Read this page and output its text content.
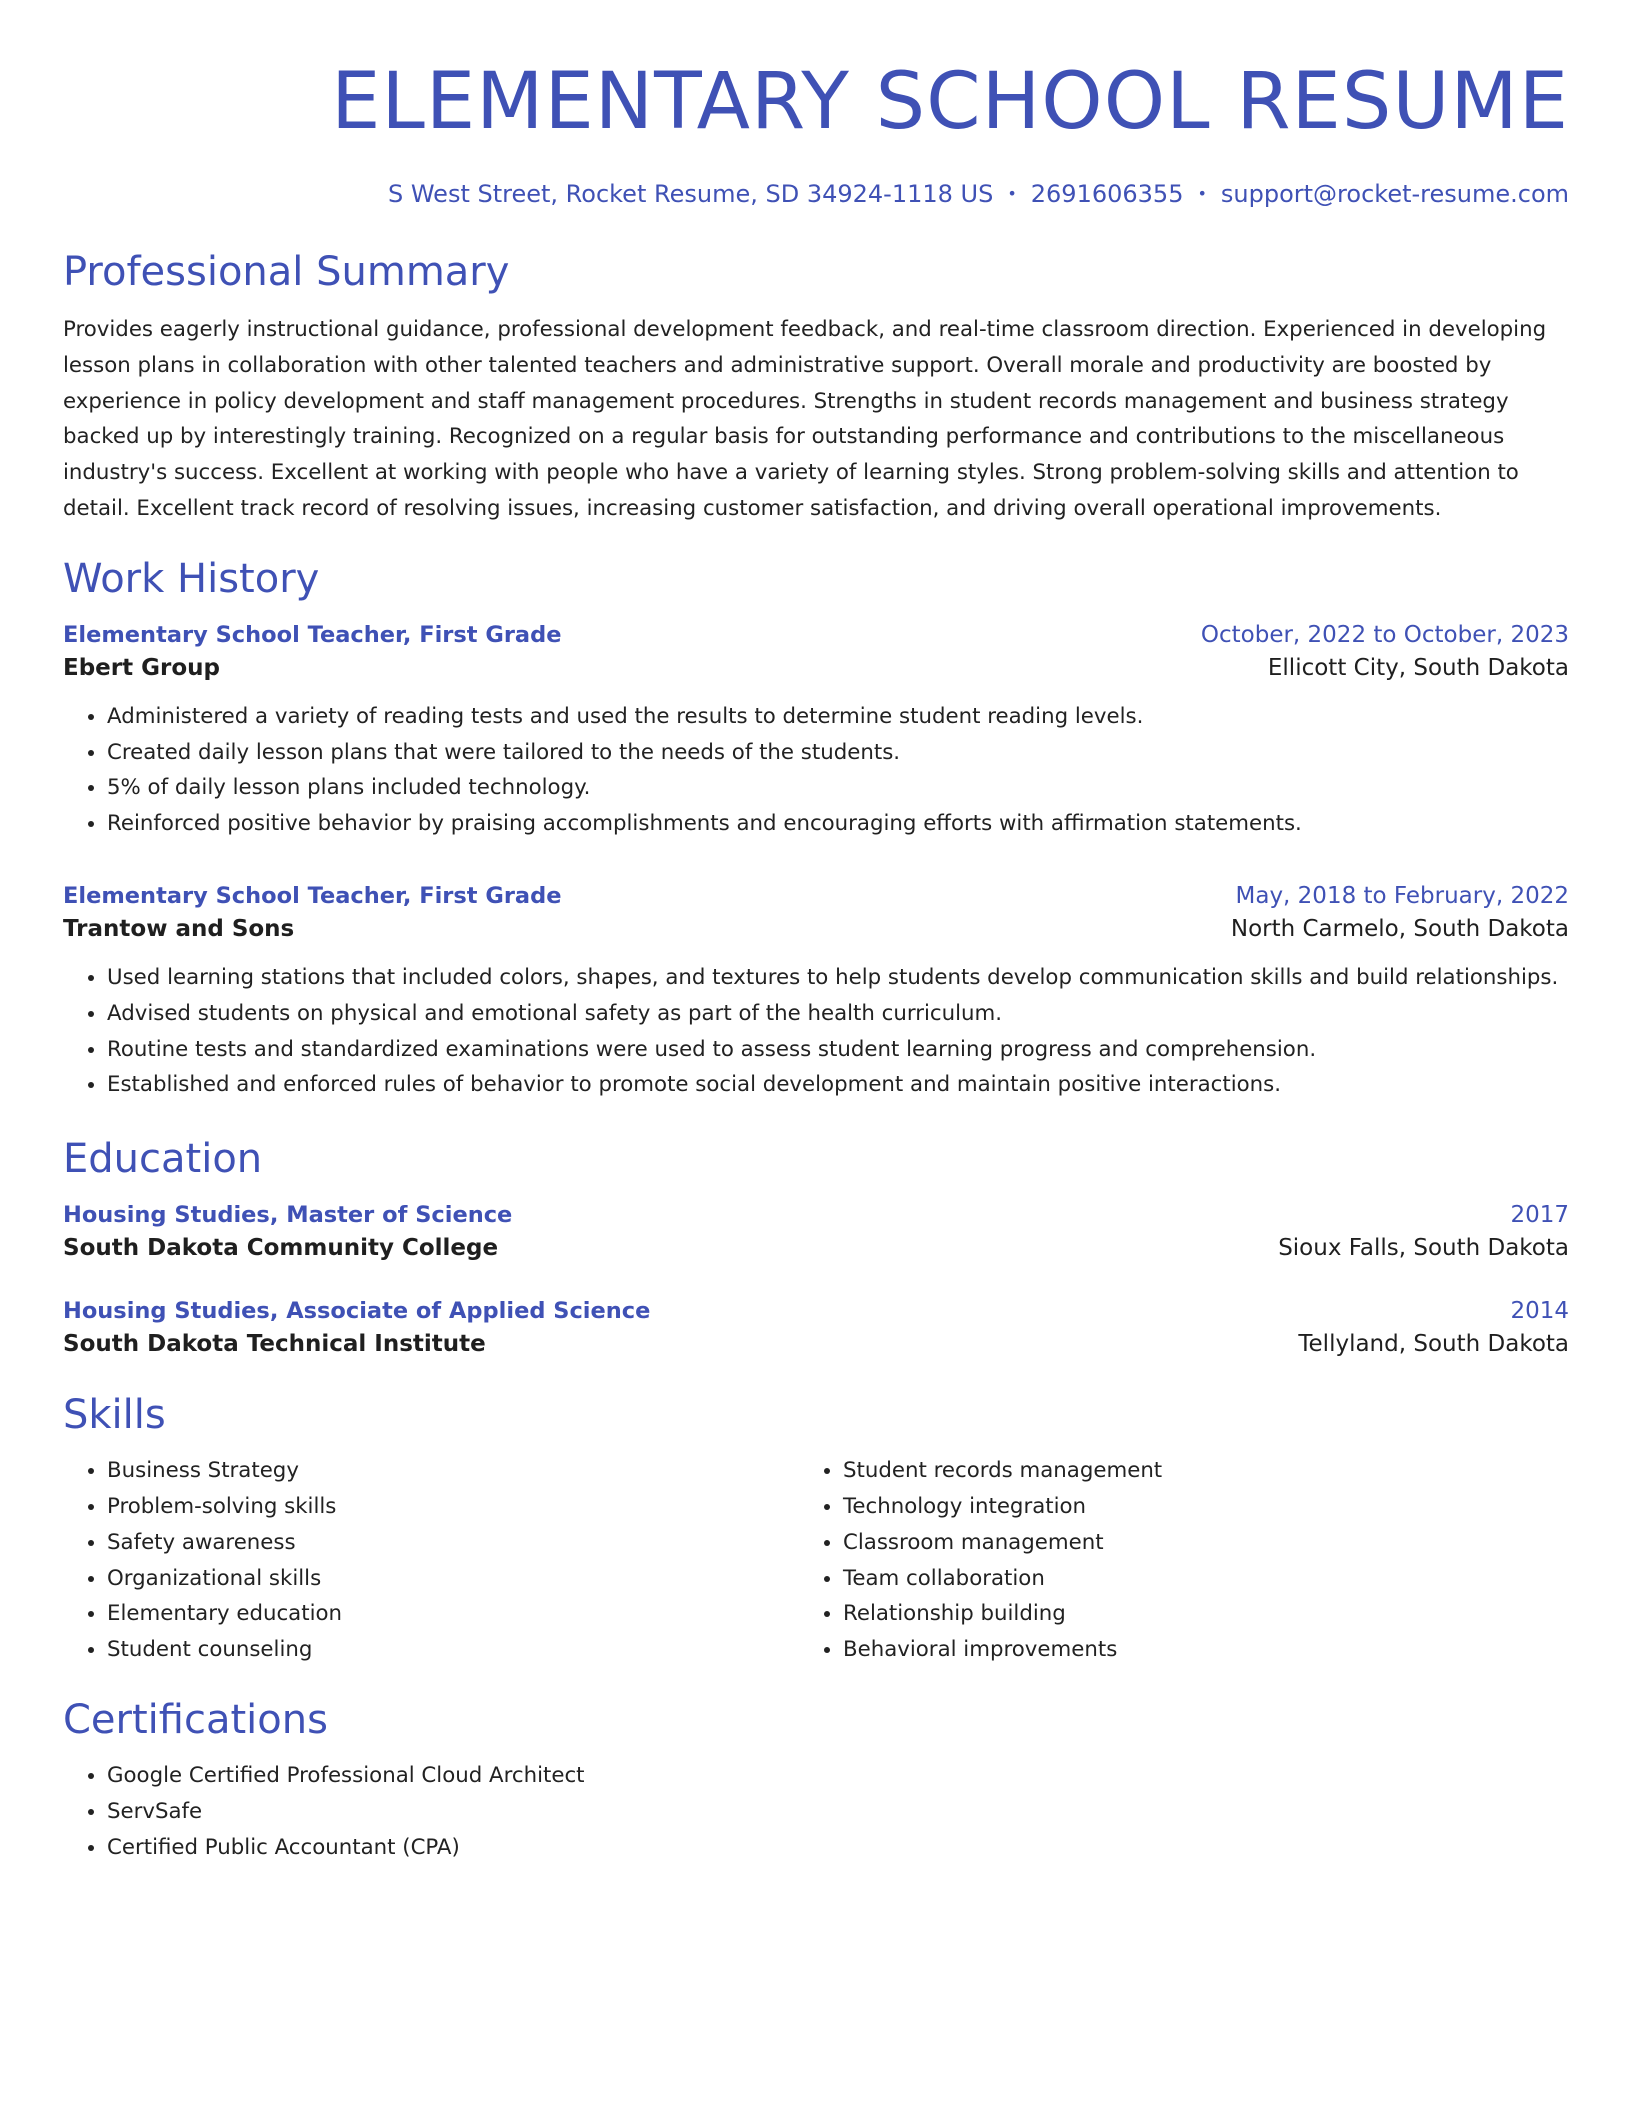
ELEMENTARY SCHOOL RESUME
S West Street, Rocket Resume, SD 34924-1118 US • 2691606355 • support@rocket-resume.com
Professional Summary

Provides eagerly instructional guidance, professional development feedback, and real-time classroom direction. Experienced in developing lesson plans in collaboration with other talented teachers and administrative support. Overall morale and productivity are boosted by experience in policy development and staff management procedures. Strengths in student records management and business strategy backed up by interestingly training. Recognized on a regular basis for outstanding performance and contributions to the miscellaneous industry's success. Excellent at working with people who have a variety of learning styles. Strong problem-solving skills and attention to detail. Excellent track record of resolving issues, increasing customer satisfaction, and driving overall operational improvements.

Work History
Elementary School Teacher, First Grade	October, 2022 to October, 2023
Ebert Group	Ellicott City, South Dakota
• Administered a variety of reading tests and used the results to determine student reading levels.
• Created daily lesson plans that were tailored to the needs of the students.
• 5% of daily lesson plans included technology.
• Reinforced positive behavior by praising accomplishments and encouraging efforts with affirmation statements.
Elementary School Teacher, First Grade	May, 2018 to February, 2022
Trantow and Sons	North Carmelo, South Dakota
• Used learning stations that included colors, shapes, and textures to help students develop communication skills and build relationships.
• Advised students on physical and emotional safety as part of the health curriculum.
• Routine tests and standardized examinations were used to assess student learning progress and comprehension.
• Established and enforced rules of behavior to promote social development and maintain positive interactions.
Education
Housing Studies, Master of Science	2017
South Dakota Community College	Sioux Falls, South Dakota
Housing Studies, Associate of Applied Science	2014
South Dakota Technical Institute	Tellyland, South Dakota
Skills
• Business Strategy
• Problem-solving skills
• Safety awareness
• Organizational skills
• Elementary education
• Student counseling
• Student records management
• Technology integration
• Classroom management
• Team collaboration
• Relationship building
• Behavioral improvements
Certifications
• Google Certified Professional Cloud Architect
• ServSafe
• Certified Public Accountant (CPA)
